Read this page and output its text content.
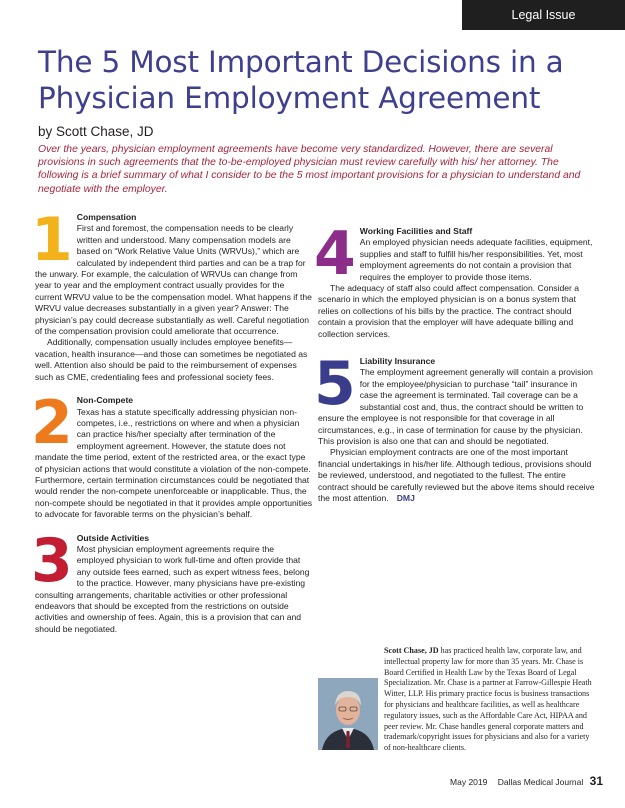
Legal Issue
The 5 Most Important Decisions in a Physician Employment Agreement
by Scott Chase, JD

Over the years, physician employment agreements have become very standardized. However, there are several provisions in such agreements that the to-be-employed physician must review carefully with his/ her attorney. The following is a brief summary of what I consider to be the 5 most important provisions for a physician to understand and negotiate with the employer.

1 Compensation

First and foremost, the compensation needs to be clearly written and understood. Many compensation models are based on “Work Relative Value Units (WRVUs),” which are calculated by independent third parties and can be a trap for the unwary. For example, the calculation of WRVUs can change from year to year and the employment contract usually provides for the current WRVU value to be the compensation model. What happens if the WRVU value decreases substantially in a given year? Answer: The physician’s pay could decrease substantially as well. Careful negotiation of the compensation provision could ameliorate that occurrence.

Additionally, compensation usually includes employee benefits—vacation, health insurance—and those can sometimes be negotiated as well. Attention also should be paid to the reimbursement of expenses such as CME, credentialing fees and professional society fees.

2 Non-Compete

Texas has a statute specifically addressing physician non-competes, i.e., restrictions on where and when a physician can practice his/her specialty after termination of the employment agreement. However, the statute does not mandate the time period, extent of the restricted area, or the exact type of physician actions that would constitute a violation of the non-compete. Furthermore, certain termination circumstances could be negotiated that would render the non-compete unenforceable or inapplicable. Thus, the non-compete should be negotiated in that it provides ample opportunities to advocate for favorable terms on the physician’s behalf.

3 Outside Activities

Most physician employment agreements require the employed physician to work full-time and often provide that any outside fees earned, such as expert witness fees, belong to the practice. However, many physicians have pre-existing consulting arrangements, charitable activities or other professional endeavors that should be excepted from the restrictions on outside activities and ownership of fees. Again, this is a provision that can and should be negotiated.

4 Working Facilities and Staff

An employed physician needs adequate facilities, equipment, supplies and staff to fulfill his/her responsibilities. Yet, most employment agreements do not contain a provision that requires the employer to provide those items.

The adequacy of staff also could affect compensation. Consider a scenario in which the employed physician is on a bonus system that relies on collections of his bills by the practice. The contract should contain a provision that the employer will have adequate billing and collection services.

5 Liability Insurance

The employment agreement generally will contain a provision for the employee/physician to purchase “tail” insurance in case the agreement is terminated. Tail coverage can be a substantial cost and, thus, the contract should be written to ensure the employee is not responsible for that coverage in all circumstances, e.g., in case of termination for cause by the physician. This provision is also one that can and should be negotiated.

Physician employment contracts are one of the most important financial undertakings in his/her life. Although tedious, provisions should be reviewed, understood, and negotiated to the fullest. The entire contract should be carefully reviewed but the above items should receive the most attention. DMJ

Scott Chase, JD has practiced health law, corporate law, and intellectual property law for more than 35 years. Mr. Chase is Board Certified in Health Law by the Texas Board of Legal Specialization. Mr. Chase is a partner at Farrow-Gillespie Heath Witter, LLP. His primary practice focus is business transactions for physicians and healthcare facilities, as well as healthcare regulatory issues, such as the Affordable Care Act, HIPAA and peer review. Mr. Chase handles general corporate matters and trademark/copyright issues for physicians and also for a variety of non-healthcare clients.

May 2019 Dallas Medical Journal 31
